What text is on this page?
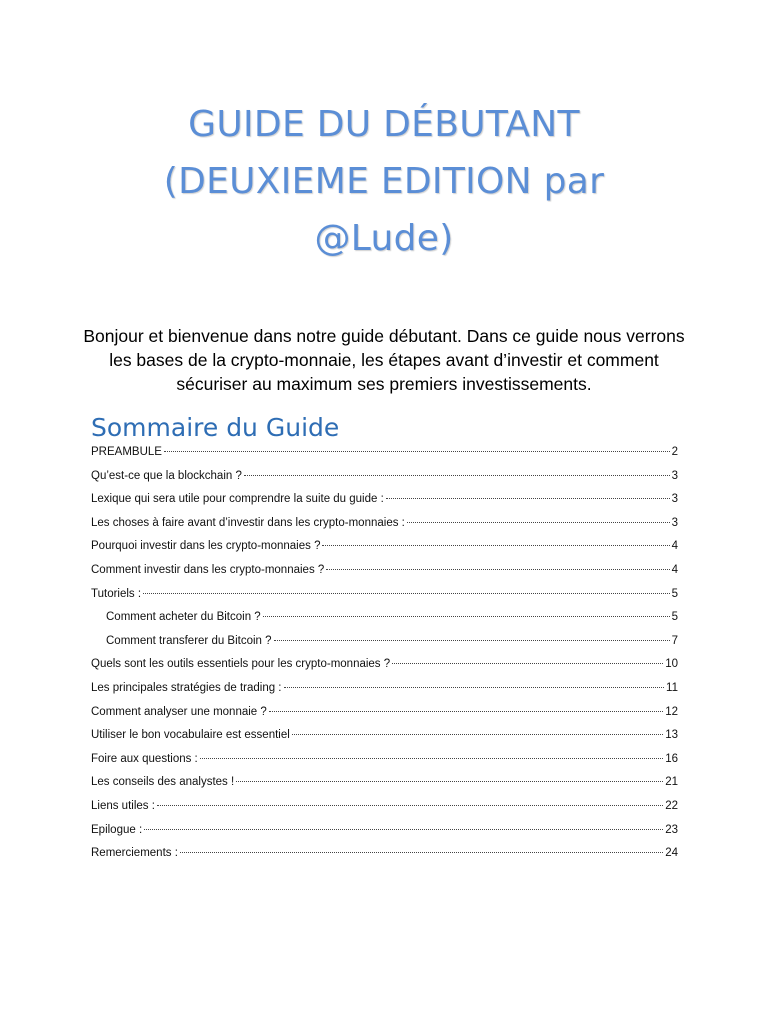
GUIDE DU DÉBUTANT
(DEUXIEME EDITION par
@Lude)

Bonjour et bienvenue dans notre guide débutant. Dans ce guide nous verrons les bases de la crypto-monnaie, les étapes avant d’investir et comment sécuriser au maximum ses premiers investissements.

Sommaire du Guide
PREAMBULE	2
Qu’est-ce que la blockchain ?	3
Lexique qui sera utile pour comprendre la suite du guide :	3
Les choses à faire avant d’investir dans les crypto-monnaies :	3
Pourquoi investir dans les crypto-monnaies ?	4
Comment investir dans les crypto-monnaies ?	4
Tutoriels :	5
Comment acheter du Bitcoin ?	5
Comment transferer du Bitcoin ?	7
Quels sont les outils essentiels pour les crypto-monnaies ?	10
Les principales stratégies de trading :	11
Comment analyser une monnaie ?	12
Utiliser le bon vocabulaire est essentiel	13
Foire aux questions :	16
Les conseils des analystes !	21
Liens utiles :	22
Epilogue :	23
Remerciements :	24
